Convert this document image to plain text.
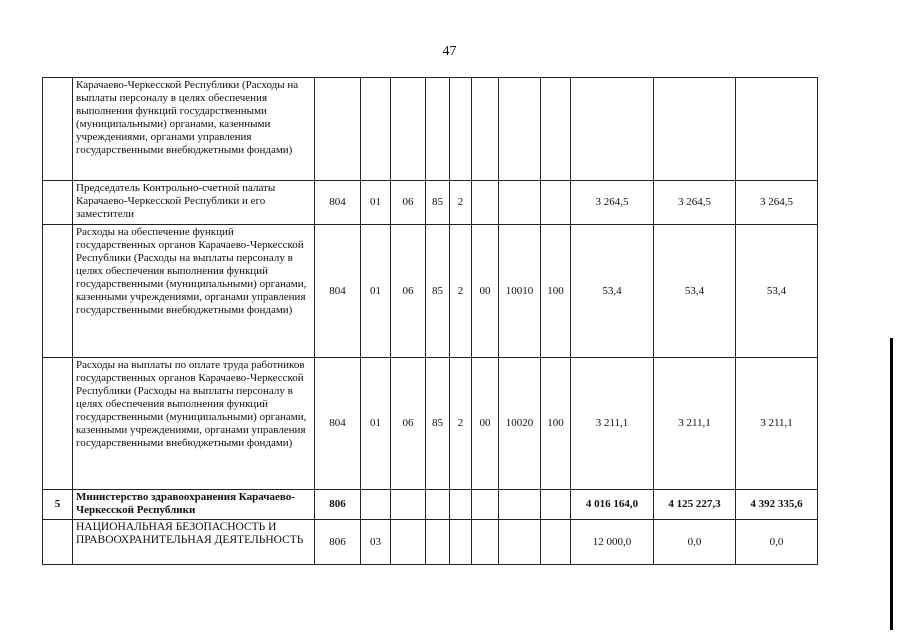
47
	Карачаево-Черкесской Республики (Расходы на выплаты персоналу в целях обеспечения выполнения функций государственными (муниципальными) органами, казенными учреждениями, органами управления государственными внебюджетными фондами)											
	Председатель Контрольно-счетной палаты Карачаево-Черкесской Республики и его заместители	804	01	06	85	2				3 264,5	3 264,5	3 264,5
	Расходы на обеспечение функций государственных органов Карачаево-Черкесской Республики (Расходы на выплаты персоналу в целях обеспечения выполнения функций государственными (муниципальными) органами, казенными учреждениями, органами управления государственными внебюджетными фондами)	804	01	06	85	2	00	10010	100	53,4	53,4	53,4
	Расходы на выплаты по оплате труда работников государственных органов Карачаево-Черкесской Республики (Расходы на выплаты персоналу в целях обеспечения выполнения функций государственными (муниципальными) органами, казенными учреждениями, органами управления государственными внебюджетными фондами)	804	01	06	85	2	00	10020	100	3 211,1	3 211,1	3 211,1
5	Министерство здравоохранения Карачаево-Черкесской Республики	806								4 016 164,0	4 125 227,3	4 392 335,6
	НАЦИОНАЛЬНАЯ БЕЗОПАСНОСТЬ И ПРАВООХРАНИТЕЛЬНАЯ ДЕЯТЕЛЬНОСТЬ	806	03							12 000,0	0,0	0,0
